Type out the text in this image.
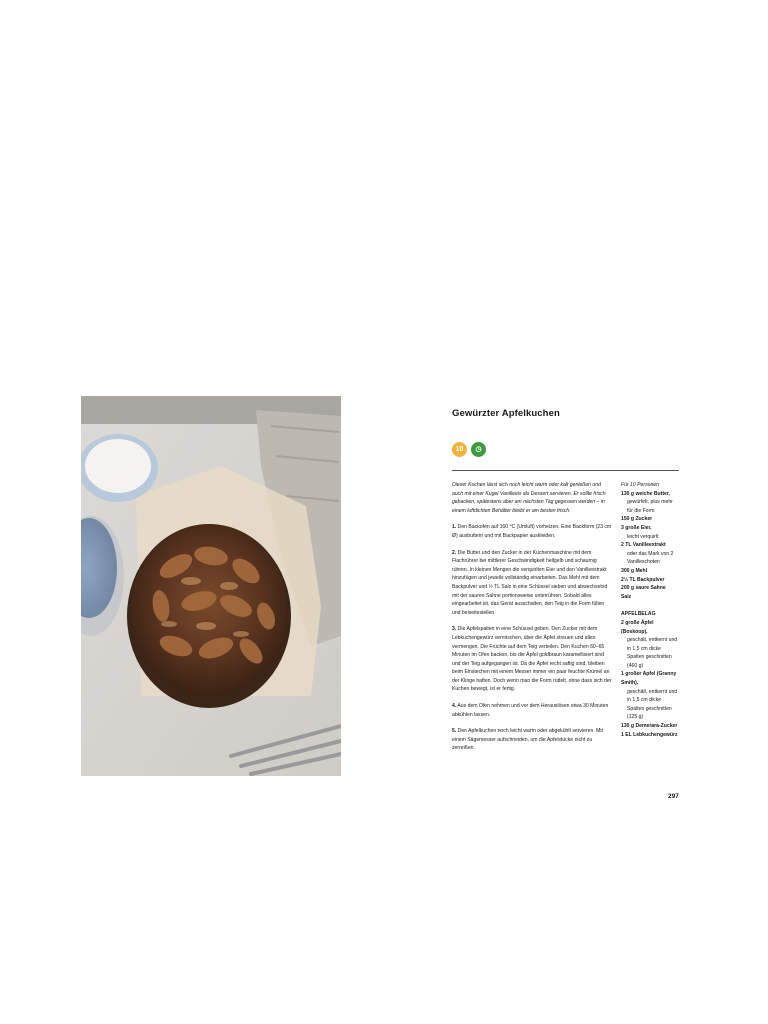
Gewürzter Apfelkuchen
10	◷

Dieser Kuchen lässt sich noch leicht warm oder kalt genießen und auch mit einer Kugel Vanilleeis als Dessert servieren. Er sollte frisch gebacken, spätestens aber am nächsten Tag gegessen werden – in einem luftdichten Behälter bleibt er am besten frisch.

1. Den Backofen auf 160 °C (Umluft) vorheizen. Eine Backform (23 cm Ø) ausbuttern und mit Backpapier auskleiden.

2. Die Butter und den Zucker in der Küchenmaschine mit dem Flachrührer bei mittlerer Geschwindigkeit hellgelb und schaumig rühren. In kleinen Mengen die verquirlten Eier und den Vanilleextrakt hinzufügen und jeweils vollständig einarbeiten. Das Mehl mit dem Backpulver und ½ TL Salz in eine Schüssel sieben und abwechselnd mit der sauren Sahne portionsweise unterrühren. Sobald alles eingearbeitet ist, das Gerät ausschalten, den Teig in die Form füllen und beiseitestellen.

3. Die Apfelspalten in eine Schüssel geben. Den Zucker mit dem Lebkuchengewürz vermischen, über die Äpfel streuen und alles vermengen. Die Früchte auf dem Teig verteilen. Den Kuchen 60–65 Minuten im Ofen backen, bis die Äpfel goldbraun karamellisiert sind und der Teig aufgegangen ist. Da die Äpfel recht saftig sind, bleiben beim Einstechen mit einem Messer immer ein paar feuchte Krümel an der Klinge haften. Doch wenn man die Form rüttelt, ohne dass sich der Kuchen bewegt, ist er fertig.

4. Aus dem Ofen nehmen und vor dem Herauslösen etwa 30 Minuten abkühlen lassen.

5. Den Apfelkuchen noch leicht warm oder abgekühlt servieren. Mit einem Sägemesser aufschneiden, um die Apfelstücke nicht zu zerreißen.

Für 10 Personen
130 g weiche Butter,
gewürfelt, plus mehr für die Form
150 g Zucker
3 große Eier,
leicht verquirlt
2 TL Vanilleextrakt
oder das Mark von 2 Vanilleschoten
300 g Mehl
2½ TL Backpulver
200 g saure Sahne
Salz
APFELBELAG
2 große Äpfel (Boskoop),
geschält, entkernt und in 1,5 cm dicke Spalten geschnitten (460 g)
1 großer Apfel (Granny Smith),
geschält, entkernt und in 1,5 cm dicke Spalten geschnitten (125 g)
130 g Demerara-Zucker
1 EL Lebkuchengewürz
297
